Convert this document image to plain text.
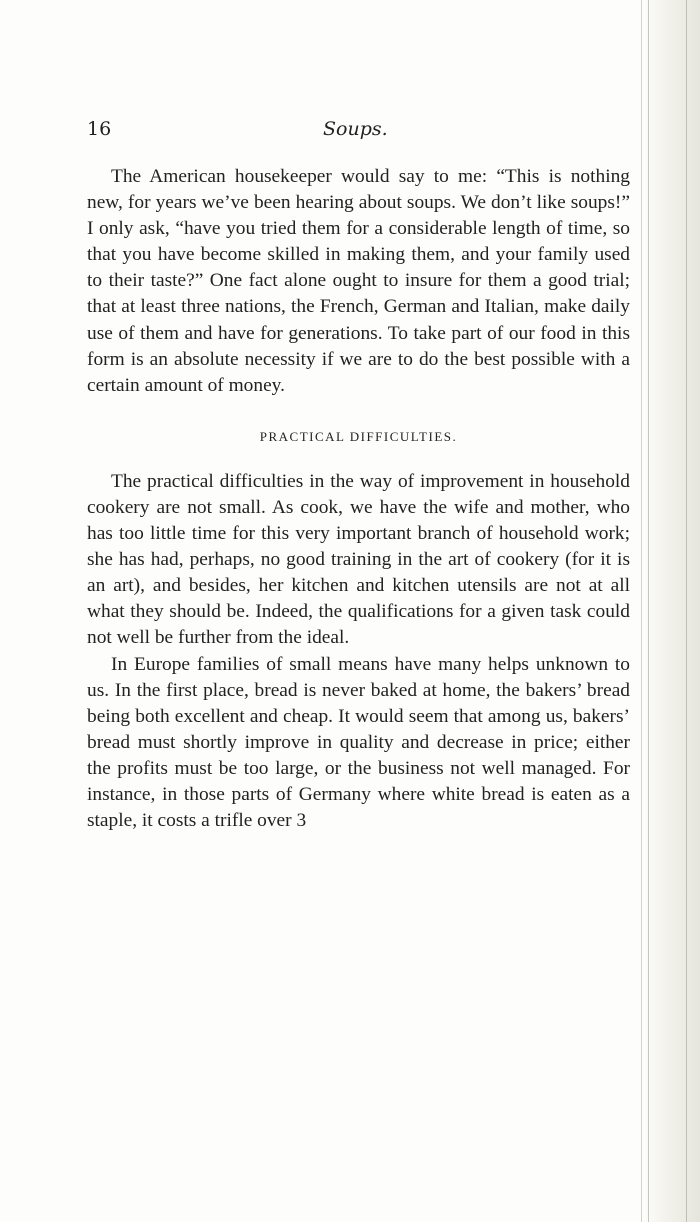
16	Soups.

The American housekeeper would say to me: “This is nothing new, for years we’ve been hearing about soups. We don’t like soups!” I only ask, “have you tried them for a considerable length of time, so that you have become skilled in making them, and your family used to their taste?” One fact alone ought to insure for them a good trial; that at least three nations, the French, German and Italian, make daily use of them and have for generations. To take part of our food in this form is an absolute necessity if we are to do the best possible with a certain amount of money.

PRACTICAL DIFFICULTIES.

The practical difficulties in the way of improvement in household cookery are not small. As cook, we have the wife and mother, who has too little time for this very important branch of household work; she has had, perhaps, no good training in the art of cookery (for it is an art), and besides, her kitchen and kitchen utensils are not at all what they should be. Indeed, the qualifications for a given task could not well be further from the ideal.

In Europe families of small means have many helps unknown to us. In the first place, bread is never baked at home, the bakers’ bread being both excellent and cheap. It would seem that among us, bakers’ bread must shortly improve in quality and decrease in price; either the profits must be too large, or the business not well managed. For instance, in those parts of Germany where white bread is eaten as a staple, it costs a trifle over 3
